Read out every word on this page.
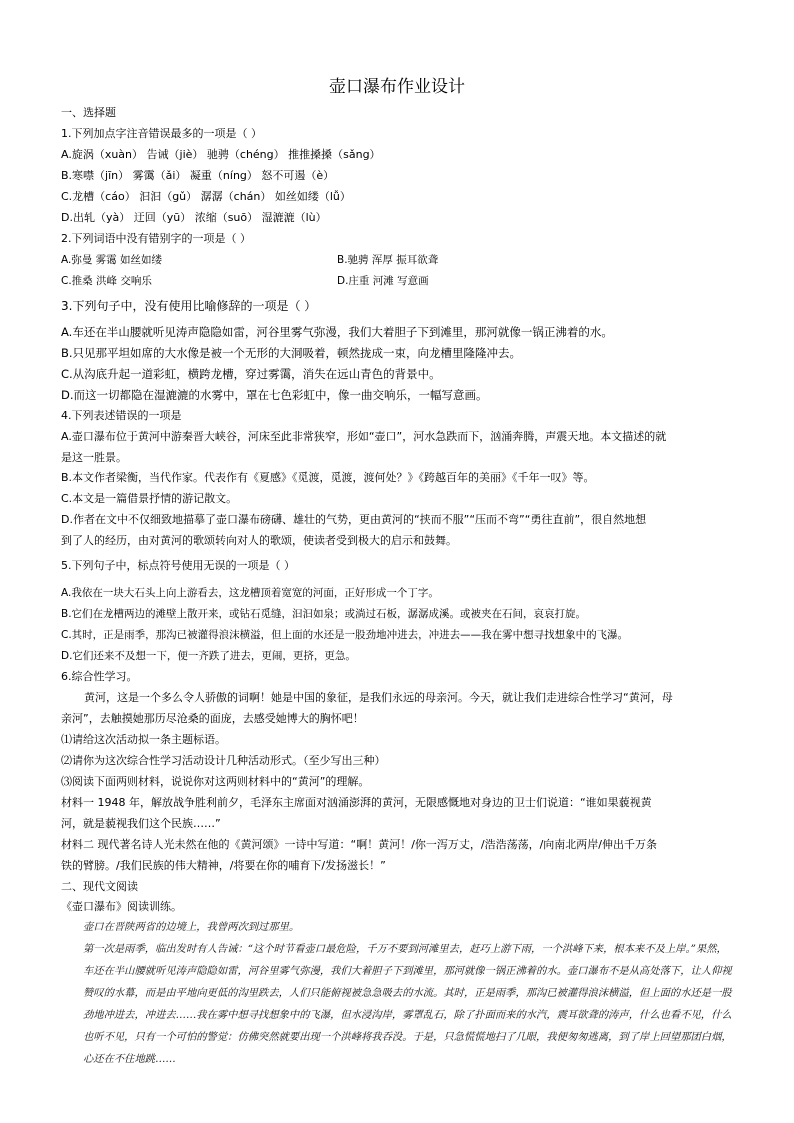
壶口瀑布作业设计
一、选择题
1.下列加点字注音错误最多的一项是（ ）
A.旋涡（xuàn） 告诫（jiè） 驰骋（chéng） 推推搡搡（sǎng）
B.寒噤（jīn） 雾霭（ǎi） 凝重（níng） 怒不可遏（è）
C.龙槽（cáo） 汩汩（gǔ） 潺潺（chán） 如丝如缕（lǚ）
D.出轧（yà） 迂回（yū） 浓缩（suō） 湿漉漉（lù）
2.下列词语中没有错别字的一项是（ ）
A.弥曼 雾霭 如丝如缕	B.驰骋 浑厚 振耳欲聋
C.推桑 洪峰 交响乐	D.庄重 河滩 写意画
3.下列句子中，没有使用比喻修辞的一项是（ ）
A.车还在半山腰就听见涛声隐隐如雷，河谷里雾气弥漫，我们大着胆子下到滩里，那河就像一锅正沸着的水。
B.只见那平坦如席的大水像是被一个无形的大洞吸着，顿然拢成一束，向龙槽里隆隆冲去。
C.从沟底升起一道彩虹，横跨龙槽，穿过雾霭，消失在远山青色的背景中。
D.而这一切都隐在湿漉漉的水雾中，罩在七色彩虹中，像一曲交响乐，一幅写意画。
4.下列表述错误的一项是
A.壶口瀑布位于黄河中游秦晋大峡谷，河床至此非常狭窄，形如“壶口”，河水急跌而下，汹涌奔腾，声震天地。本文描述的就
是这一胜景。
B.本文作者梁衡，当代作家。代表作有《夏感》《觅渡，觅渡，渡何处？》《跨越百年的美丽》《千年一叹》等。
C.本文是一篇借景抒情的游记散文。
D.作者在文中不仅细致地描摹了壶口瀑布磅礴、雄壮的气势，更由黄河的“挟而不服”“压而不弯”“勇往直前”，很自然地想
到了人的经历，由对黄河的歌颂转向对人的歌颂，使读者受到极大的启示和鼓舞。
5.下列句子中，标点符号使用无误的一项是（ ）
A.我依在一块大石头上向上游看去，这龙槽顶着宽宽的河面，正好形成一个丁字。
B.它们在龙槽两边的滩壁上散开来，或钻石觅缝，汩汩如泉；或淌过石板，潺潺成溪。或被夹在石间，哀哀打旋。
C.其时，正是雨季，那沟已被灌得浪沫横溢，但上面的水还是一股劲地冲进去，冲进去——我在雾中想寻找想象中的飞瀑。
D.它们还来不及想一下，便一齐跌了进去，更闹，更挤，更急。
6.综合性学习。
黄河，这是一个多么令人骄傲的词啊！她是中国的象征，是我们永远的母亲河。今天，就让我们走进综合性学习“黄河，母
亲河”，去触摸她那历尽沧桑的面庞，去感受她博大的胸怀吧！
⑴请给这次活动拟一条主题标语。
⑵请你为这次综合性学习活动设计几种活动形式。（至少写出三种）
⑶阅读下面两则材料，说说你对这两则材料中的“黄河”的理解。
材料一 1948 年，解放战争胜利前夕，毛泽东主席面对汹涌澎湃的黄河，无限感慨地对身边的卫士们说道：“谁如果藐视黄
河，就是藐视我们这个民族……”
材料二 现代著名诗人光未然在他的《黄河颂》一诗中写道：“啊！黄河！/你一泻万丈，/浩浩荡荡，/向南北两岸/伸出千万条
铁的臂膀。/我们民族的伟大精神，/将要在你的哺育下/发扬滋长！”
二、现代文阅读
《壶口瀑布》阅读训练。

壶口在晋陕两省的边境上，我曾两次到过那里。

第一次是雨季，临出发时有人告诫：“这个时节看壶口最危险，千万不要到河滩里去，赶巧上游下雨，一个洪峰下来，根本来不及上岸。”果然，车还在半山腰就听见涛声隐隐如雷，河谷里雾气弥漫，我们大着胆子下到滩里，那河就像一锅正沸着的水。壶口瀑布不是从高处落下，让人仰视赞叹的水幕，而是由平地向更低的沟里跌去，人们只能俯视被急急吸去的水流。其时，正是雨季，那沟已被灌得浪沫横溢，但上面的水还是一股劲地冲进去，冲进去……我在雾中想寻找想象中的飞瀑，但水浸沟岸，雾罩乱石，除了扑面而来的水汽，震耳欲聋的涛声，什么也看不见，什么也听不见，只有一个可怕的警觉：仿佛突然就要出现一个洪峰将我吞没。于是，只急慌慌地扫了几眼，我便匆匆逃离，到了岸上回望那团白烟，心还在不住地跳……
